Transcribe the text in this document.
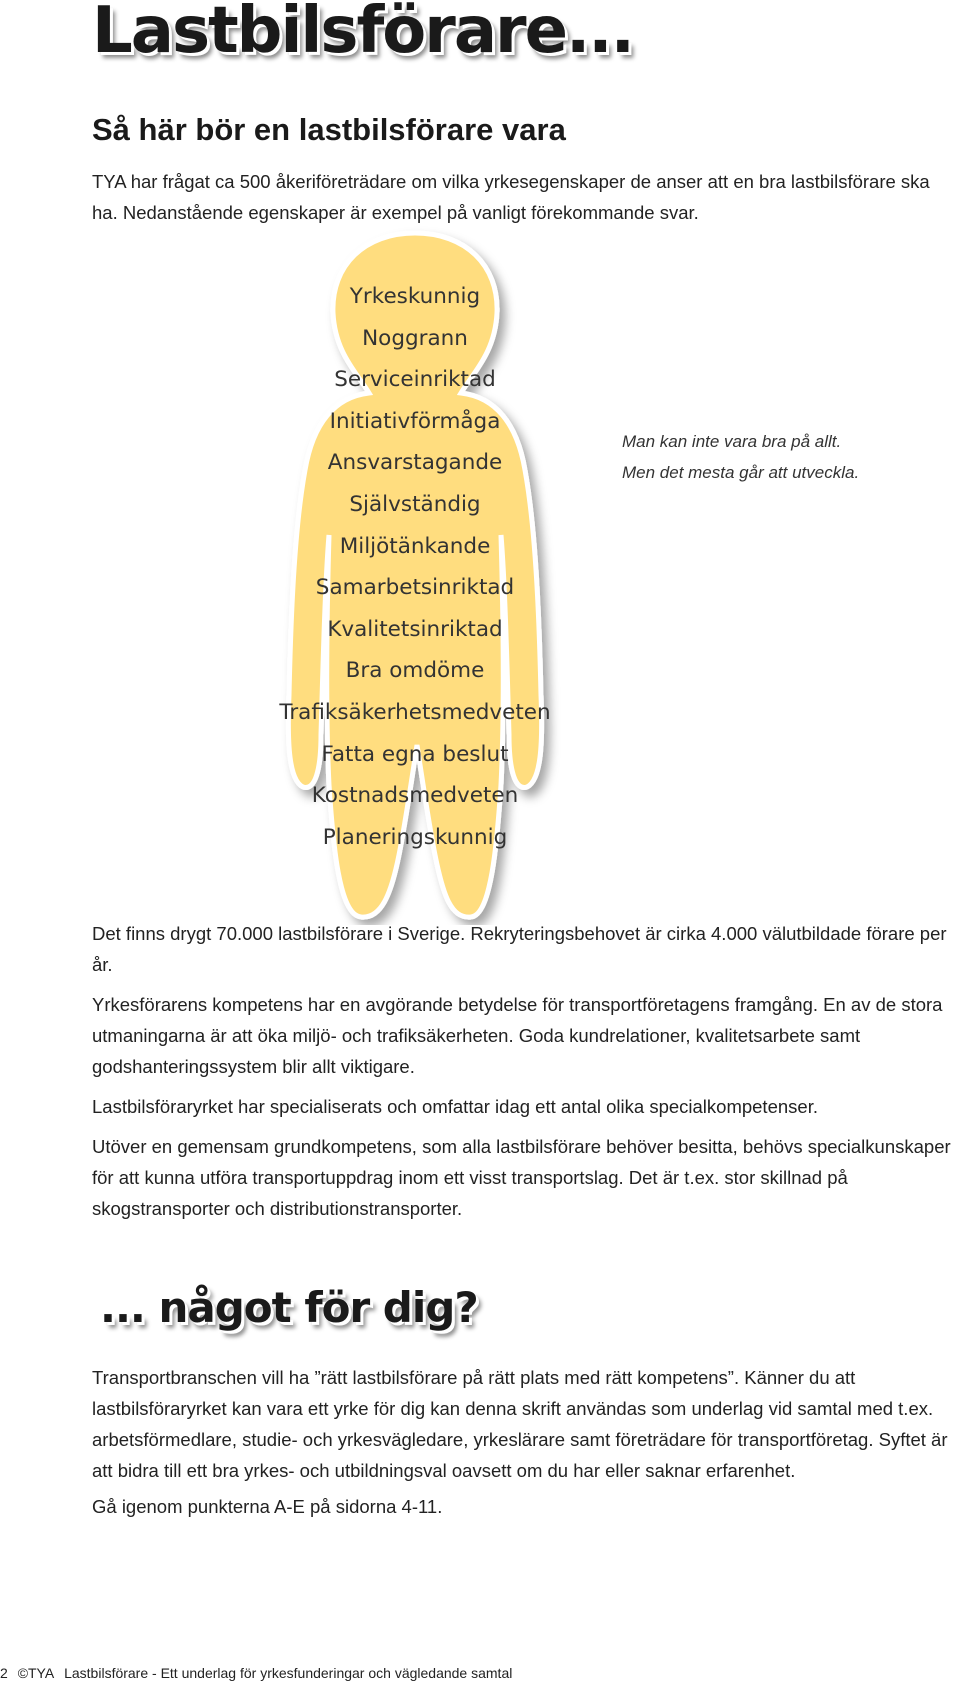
Lastbilsförare...
Så här bör en lastbilsförare vara
TYA har frågat ca 500 åkeriföreträdare om vilka yrkesegenskaper de anser att en bra lastbilsförare ska ha. Nedanstående egenskaper är exempel på vanligt förekommande svar.
Yrkeskunnig
Noggrann
Serviceinriktad
Initiativförmåga
Ansvarstagande
Självständig
Miljötänkande
Samarbetsinriktad
Kvalitetsinriktad
Bra omdöme
Trafiksäkerhetsmedveten
Fatta egna beslut
Kostnadsmedveten
Planeringskunnig
Man kan inte vara bra på allt.
Men det mesta går att utveckla.

Det finns drygt 70.000 lastbilsförare i Sverige. Rekryteringsbehovet är cirka 4.000 välutbildade förare per år.

Yrkesförarens kompetens har en avgörande betydelse för transportföretagens framgång. En av de stora utmaningarna är att öka miljö- och trafiksäkerheten. Goda kundrelationer, kvalitetsarbete samt godshanteringssystem blir allt viktigare.

Lastbilsföraryrket har specialiserats och omfattar idag ett antal olika specialkompetenser.

Utöver en gemensam grundkompetens, som alla lastbilsförare behöver besitta, behövs specialkunskaper för att kunna utföra transportuppdrag inom ett visst transportslag. Det är t.ex. stor skillnad på skogstransporter och distributionstransporter.

... något för dig?

Transportbranschen vill ha ”rätt lastbilsförare på rätt plats med rätt kompetens”. Känner du att lastbilsföraryrket kan vara ett yrke för dig kan denna skrift användas som underlag vid samtal med t.ex. arbetsförmedlare, studie- och yrkesvägledare, yrkeslärare samt företrädare för transportföretag. Syftet är att bidra till ett bra yrkes- och utbildningsval oavsett om du har eller saknar erfarenhet.

Gå igenom punkterna A-E på sidorna 4-11.

2 ©TYA Lastbilsförare - Ett underlag för yrkesfunderingar och vägledande samtal
